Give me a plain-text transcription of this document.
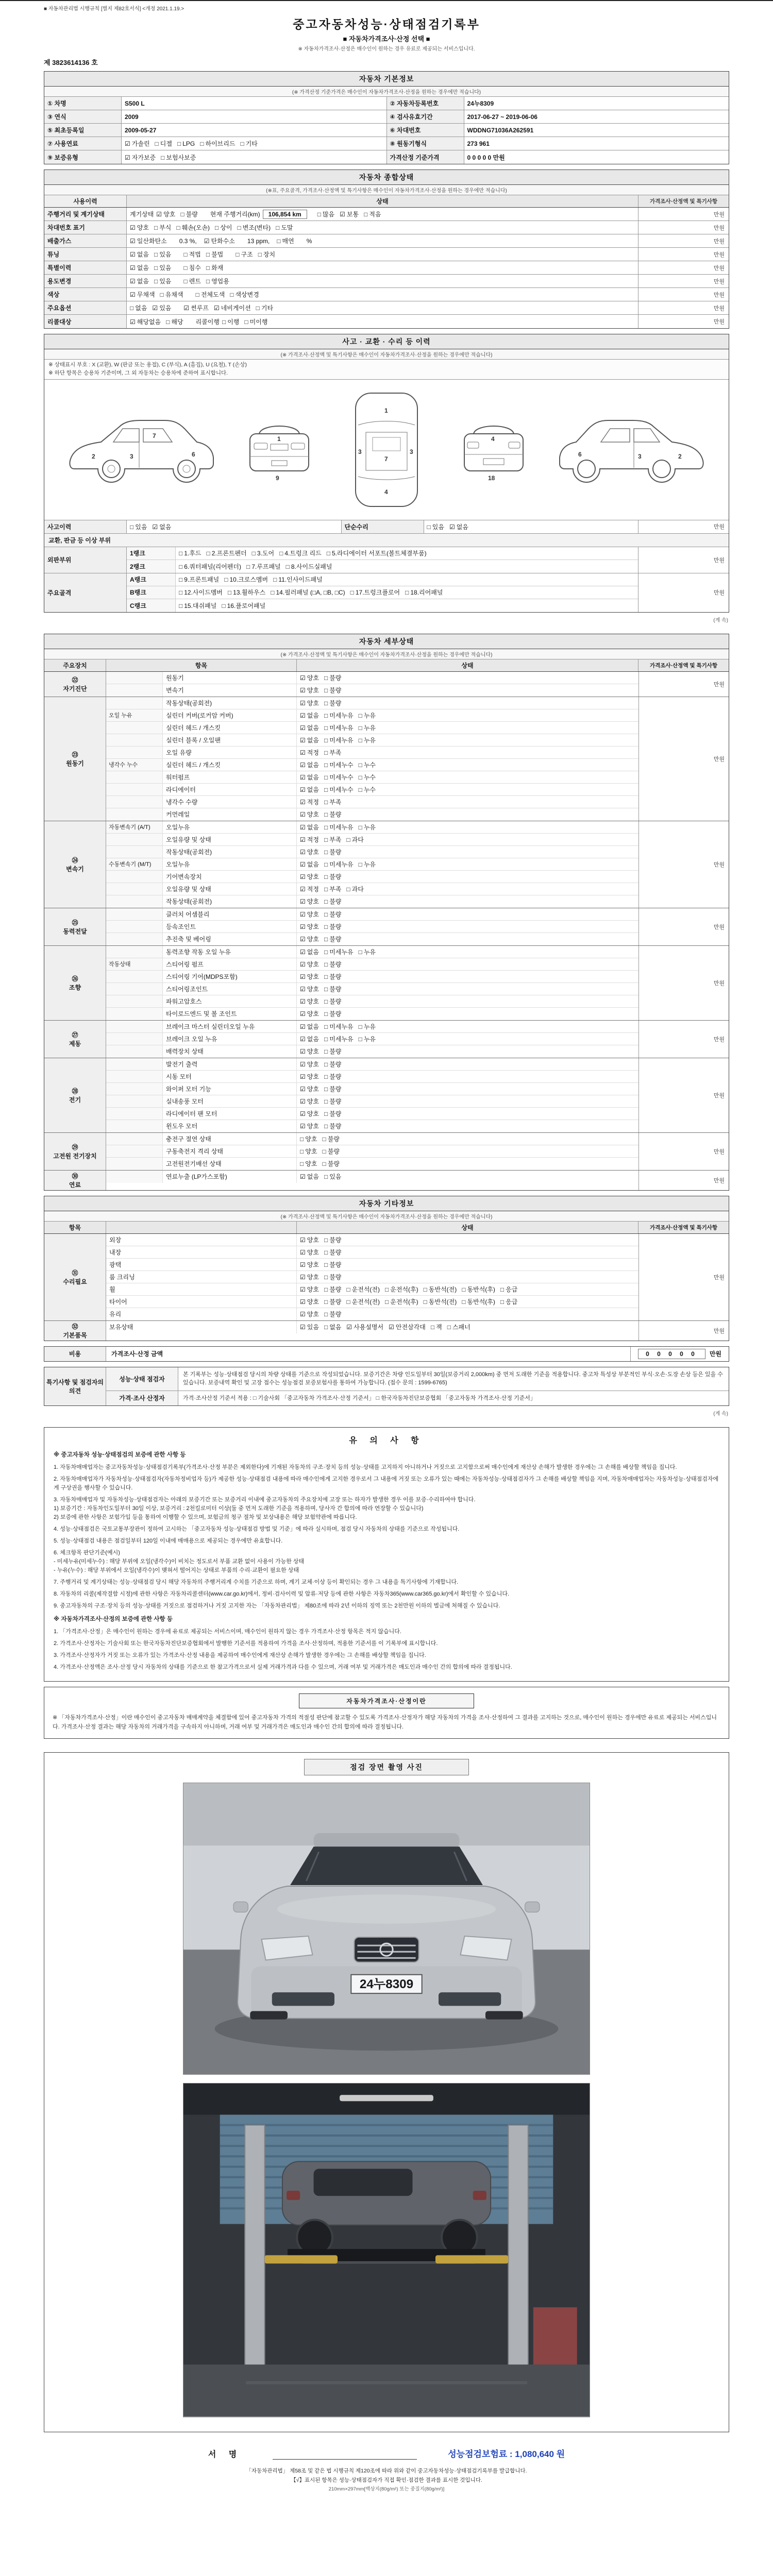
■ 자동차관리법 시행규칙 [별지 제82호서식] <개정 2021.1.19.>
중고자동차성능·상태점검기록부
■ 자동차가격조사·산정 선택 ■
※ 자동차가격조사·산정은 매수인이 원하는 경우 유료로 제공되는 서비스입니다.
제 3823614136 호
자동차 기본정보
(※ 가격산정 기준가격은 매수인이 자동차가격조사·산정을 원하는 경우에만 적습니다)
① 차명	S500 L	② 자동차등록번호	24누8309
③ 연식	2009	④ 검사유효기간	2017-06-27 ~ 2019-06-06
⑤ 최초등록일	2009-05-27	⑥ 차대번호	WDDNG71036A262591
⑦ 사용연료	☑ 가솔린 □ 디젤 □ LPG □ 하이브리드 □ 기타	⑧ 원동기형식	273 961
⑨ 보증유형	☑ 자가보증 □ 보험사보증	가격산정 기준가격	0 0 0 0 0 만원
자동차 종합상태
(※표, 주요골격, 가격조사·산정액 및 특기사항은 매수인이 자동차가격조사·산정을 원하는 경우에만 적습니다)
사용이력	상태	가격조사·산정액 및 특기사항
주행거리 및 계기상태	계기상태 ☑ 양호 □ 불량	현재 주행거리(km)	106,854 km	□ 많음 ☑ 보통 □ 적음	만원
차대번호 표기	☑ 양호 □ 부식 □ 훼손(오손) □ 상이 □ 변조(변타) □ 도말	만원
배출가스	☑ 일산화탄소	0.3 %, ☑ 탄화수소	13 ppm, □ 매연	%	만원
튜닝	☑ 없음 □ 있음	□ 적법 □ 불법	□ 구조 □ 장치	만원
특별이력	☑ 없음 □ 있음	□ 침수 □ 화재	만원
용도변경	☑ 없음 □ 있음	□ 렌트 □ 영업용	만원
색상	☑ 무채색 □ 유채색	□ 전체도색 □ 색상변경	만원
주요옵션	□ 없음 ☑ 있음	☑ 썬루프 ☑ 네비게이션 □ 기타	만원
리콜대상	☑ 해당없음 □ 해당	리콜이행 □ 이행 □ 미이행	만원
사고 · 교환 · 수리 등 이력
(※ 가격조사·산정액 및 특기사항은 매수인이 자동차가격조사·산정을 원하는 경우에만 적습니다)
※ 상태표시 부호 : X (교환), W (판금 또는 용접), C (부식), A (흠집), U (요철), T (손상)
※ 하단 항목은 승용차 기준이며, 그 외 자동차는 승용차에 준하여 표시합니다.
2	3	6
7	1
9
1
7
4
3	3
4
18
6	3	2
사고이력	□ 있음 ☑ 없음	단순수리	□ 있음 ☑ 없음	만원
교환, 판금 등 이상 부위
외판부위
1랭크	□ 1.후드 □ 2.프론트펜더 □ 3.도어 □ 4.트렁크 리드 □ 5.라디에이터 서포트(볼트체결부품)
2랭크	□ 6.쿼터패널(리어펜더) □ 7.루프패널 □ 8.사이드실패널
만원
주요골격
A랭크	□ 9.프론트패널 □ 10.크로스멤버 □ 11.인사이드패널
B랭크	□ 12.사이드멤버 □ 13.휠하우스 □ 14.필러패널 (□A, □B, □C) □ 17.트렁크플로어 □ 18.리어패널
C랭크	□ 15.대쉬패널 □ 16.플로어패널
만원
(계 속)
자동차 세부상태
(※ 가격조사·산정액 및 특기사항은 매수인이 자동차가격조사·산정을 원하는 경우에만 적습니다)
주요장치	항목	상태	가격조사·산정액 및 특기사항
㉒
자기진단
원동기	☑ 양호 □ 불량
변속기	☑ 양호 □ 불량
만원
㉓
원동기
작동상태(공회전)	☑ 양호 □ 불량
오일 누유	실린더 커버(로커암 커버)	☑ 없음 □ 미세누유 □ 누유
실린더 헤드 / 개스킷	☑ 없음 □ 미세누유 □ 누유
실린더 블록 / 오일팬	☑ 없음 □ 미세누유 □ 누유
오일 유량	☑ 적정 □ 부족
냉각수 누수	실린더 헤드 / 개스킷	☑ 없음 □ 미세누수 □ 누수
워터펌프	☑ 없음 □ 미세누수 □ 누수
라디에이터	☑ 없음 □ 미세누수 □ 누수
냉각수 수량	☑ 적정 □ 부족
커먼레일	☑ 양호 □ 불량
만원
㉔
변속기
자동변속기 (A/T)	오일누유	☑ 없음 □ 미세누유 □ 누유
오일유량 및 상태	☑ 적정 □ 부족 □ 과다
작동상태(공회전)	☑ 양호 □ 불량
수동변속기 (M/T)	오일누유	☑ 없음 □ 미세누유 □ 누유
기어변속장치	☑ 양호 □ 불량
오일유량 및 상태	☑ 적정 □ 부족 □ 과다
작동상태(공회전)	☑ 양호 □ 불량
만원
㉕
동력전달
클러치 어셈블리	☑ 양호 □ 불량
등속조인트	☑ 양호 □ 불량
추진축 및 베어링	☑ 양호 □ 불량
만원
㉖
조향
동력조향 작동 오일 누유	☑ 없음 □ 미세누유 □ 누유
작동상태	스티어링 펌프	☑ 양호 □ 불량
스티어링 기어(MDPS포함)	☑ 양호 □ 불량
스티어링조인트	☑ 양호 □ 불량
파워고압호스	☑ 양호 □ 불량
타이로드엔드 및 볼 조인트	☑ 양호 □ 불량
만원
㉗
제동
브레이크 마스터 실린더오일 누유	☑ 없음 □ 미세누유 □ 누유
브레이크 오일 누유	☑ 없음 □ 미세누유 □ 누유
배력장치 상태	☑ 양호 □ 불량
만원
㉘
전기
발전기 출력	☑ 양호 □ 불량
시동 모터	☑ 양호 □ 불량
와이퍼 모터 기능	☑ 양호 □ 불량
실내송풍 모터	☑ 양호 □ 불량
라디에이터 팬 모터	☑ 양호 □ 불량
윈도우 모터	☑ 양호 □ 불량
만원
㉙
고전원 전기장치
충전구 절연 상태	□ 양호 □ 불량
구동축전지 격리 상태	□ 양호 □ 불량
고전원전기배선 상태	□ 양호 □ 불량
만원
㉚
연료
연료누출 (LP가스포함)	☑ 없음 □ 있음
만원
자동차 기타정보
(※ 가격조사·산정액 및 특기사항은 매수인이 자동차가격조사·산정을 원하는 경우에만 적습니다)
항목	상태	가격조사·산정액 및 특기사항
㉛
수리필요
외장	☑ 양호 □ 불량
내장	☑ 양호 □ 불량
광택	☑ 양호 □ 불량
룸 크리닝	☑ 양호 □ 불량
휠	☑ 양호 □ 불량 □ 운전석(전) □ 운전석(후) □ 동반석(전) □ 동반석(후) □ 응급
타이어	☑ 양호 □ 불량 □ 운전석(전) □ 운전석(후) □ 동반석(전) □ 동반석(후) □ 응급
유리	☑ 양호 □ 불량
만원
㉜
기본품목
보유상태	☑ 있음 □ 없음 ☑ 사용설명서 ☑ 안전삼각대 □ 잭 □ 스패너
만원
비용	가격조사·산정 금액	0 0 0 0 0	만원
특기사항 및 점검자의 의견
성능·상태 점검자
본 기록부는 성능·상태점검 당시의 차량 상태를 기준으로 작성되었습니다. 보증기간은 차량 인도일부터 30일(보증거리 2,000km) 중 먼저 도래한 기준을 적용합니다. 중고차 특성상 부분적인 부식·오손·도장 손상 등은 있을 수 있습니다. 보증내역 확인 및 고장 접수는 성능점검 보증보험사를 통하여 가능합니다. (접수 문의 : 1599-6765)
가격·조사 산정자	가격·조사산정 기준서 적용 : □ 기술사회 「중고자동차 가격조사·산정 기준서」 □ 한국자동차진단보증협회 「중고자동차 가격조사·산정 기준서」
(계 속)
유 의 사 항

※ 중고자동차 성능·상태점검의 보증에 관한 사항 등

1. 자동차매매업자는 중고자동차성능·상태점검기록부(가격조사·산정 부분은 제외한다)에 기재된 자동차의 구조·장치 등의 성능·상태를 고지하지 아니하거나 거짓으로 고지함으로써 매수인에게 재산상 손해가 발생한 경우에는 그 손해를 배상할 책임을 집니다.

2. 자동차매매업자가 자동차성능·상태점검자(자동차정비업자 등)가 제공한 성능·상태점검 내용에 따라 매수인에게 고지한 경우로서 그 내용에 거짓 또는 오류가 있는 때에는 자동차성능·상태점검자가 그 손해를 배상할 책임을 지며, 자동차매매업자는 자동차성능·상태점검자에게 구상권을 행사할 수 있습니다.

3. 자동차매매업자 및 자동차성능·상태점검자는 아래의 보증기간 또는 보증거리 이내에 중고자동차의 주요장치에 고장 또는 하자가 발생한 경우 이를 보증·수리하여야 합니다.
1) 보증기간 : 자동차인도일부터 30일 이상, 보증거리 : 2천킬로미터 이상(둘 중 먼저 도래한 기준을 적용하며, 당사자 간 합의에 따라 연장할 수 있습니다)
2) 보증에 관한 사항은 보험가입 등을 통하여 이행할 수 있으며, 보험금의 청구 절차 및 보상내용은 해당 보험약관에 따릅니다.

4. 성능·상태점검은 국토교통부장관이 정하여 고시하는 「중고자동차 성능·상태점검 방법 및 기준」에 따라 실시하며, 점검 당시 자동차의 상태를 기준으로 작성됩니다.

5. 성능·상태점검 내용은 점검일부터 120일 이내에 매매용으로 제공되는 경우에만 유효합니다.

6. 체크항목 판단기준(예시)
- 미세누유(미세누수) : 해당 부위에 오일(냉각수)이 비치는 정도로서 부품 교환 없이 사용이 가능한 상태
- 누유(누수) : 해당 부위에서 오일(냉각수)이 맺혀서 떨어지는 상태로 부품의 수리·교환이 필요한 상태

7. 주행거리 및 계기상태는 성능·상태점검 당시 해당 자동차의 주행거리계 수치를 기준으로 하며, 계기 교체·이상 등이 확인되는 경우 그 내용을 특기사항에 기재합니다.

8. 자동차의 리콜(제작결함 시정)에 관한 사항은 자동차리콜센터(www.car.go.kr)에서, 정비·검사이력 및 압류·저당 등에 관한 사항은 자동차365(www.car365.go.kr)에서 확인할 수 있습니다.

9. 중고자동차의 구조·장치 등의 성능·상태를 거짓으로 점검하거나 거짓 고지한 자는 「자동차관리법」 제80조에 따라 2년 이하의 징역 또는 2천만원 이하의 벌금에 처해질 수 있습니다.

※ 자동차가격조사·산정의 보증에 관한 사항 등

1. 「가격조사·산정」은 매수인이 원하는 경우에 유료로 제공되는 서비스이며, 매수인이 원하지 않는 경우 가격조사·산정 항목은 적지 않습니다.

2. 가격조사·산정자는 기술사회 또는 한국자동차진단보증협회에서 발행한 기준서를 적용하여 가격을 조사·산정하며, 적용한 기준서를 이 기록부에 표시합니다.

3. 가격조사·산정자가 거짓 또는 오류가 있는 가격조사·산정 내용을 제공하여 매수인에게 재산상 손해가 발생한 경우에는 그 손해를 배상할 책임을 집니다.

4. 가격조사·산정액은 조사·산정 당시 자동차의 상태를 기준으로 한 참고가격으로서 실제 거래가격과 다를 수 있으며, 거래 여부 및 거래가격은 매도인과 매수인 간의 합의에 따라 결정됩니다.

자동차가격조사·산정이란
※ 「자동차가격조사·산정」이란 매수인이 중고자동차 매매계약을 체결함에 있어 중고자동차 가격의 적절성 판단에 참고할 수 있도록 가격조사·산정자가 해당 자동차의 가격을 조사·산정하여 그 결과를 고지하는 것으로, 매수인이 원하는 경우에만 유료로 제공되는 서비스입니다. 가격조사·산정 결과는 해당 자동차의 거래가격을 구속하지 아니하며, 거래 여부 및 거래가격은 매도인과 매수인 간의 합의에 따라 결정됩니다.
점검 장면 촬영 사진
24누8309
서 명	성능점검보험료 : 1,080,640 원
「자동차관리법」 제58조 및 같은 법 시행규칙 제120조에 따라 위와 같이 중고자동차성능·상태점검기록부를 발급합니다.
【√】표시된 항목은 성능·상태점검자가 직접 확인·점검한 결과를 표시한 것입니다.
210mm×297mm[백상지(80g/m²) 또는 중질지(80g/m²)]
